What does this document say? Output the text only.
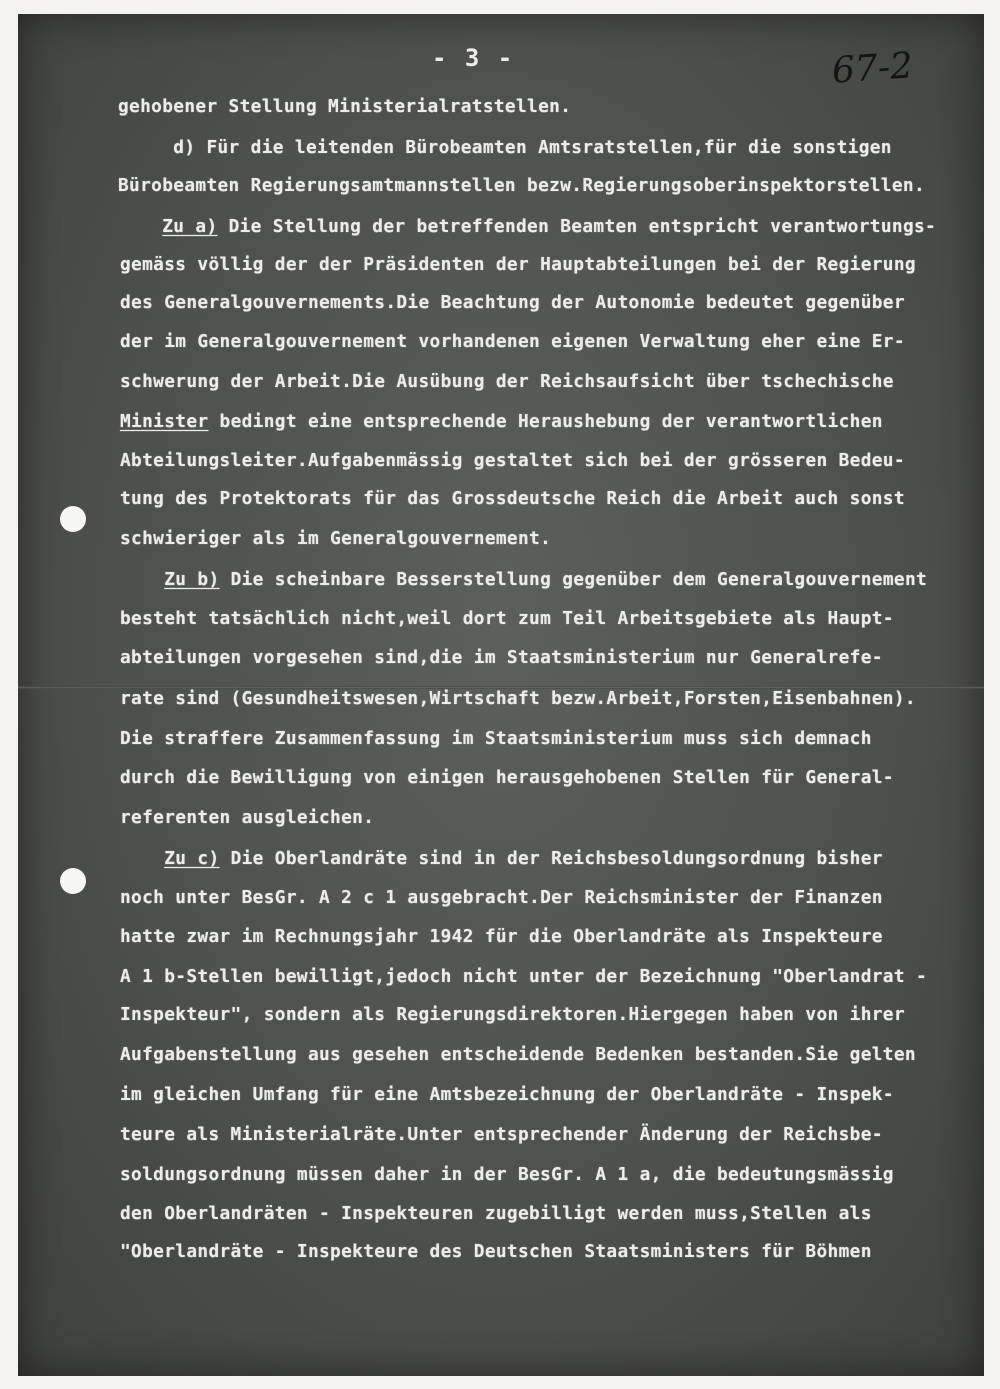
- 3 -	67-2
gehobener Stellung Ministerialratstellen.
d) Für die leitenden Bürobeamten Amtsratstellen,für die sonstigen
Bürobeamten Regierungsamtmannstellen bezw.Regierungsoberinspektorstellen.
Zu a) Die Stellung der betreffenden Beamten entspricht verantwortungs-
gemäss völlig der der Präsidenten der Hauptabteilungen bei der Regierung
des Generalgouvernements.Die Beachtung der Autonomie bedeutet gegenüber
der im Generalgouvernement vorhandenen eigenen Verwaltung eher eine Er-
schwerung der Arbeit.Die Ausübung der Reichsaufsicht über tschechische
Minister bedingt eine entsprechende Heraushebung der verantwortlichen
Abteilungsleiter.Aufgabenmässig gestaltet sich bei der grösseren Bedeu-
tung des Protektorats für das Grossdeutsche Reich die Arbeit auch sonst
schwieriger als im Generalgouvernement.
Zu b) Die scheinbare Besserstellung gegenüber dem Generalgouvernement
besteht tatsächlich nicht,weil dort zum Teil Arbeitsgebiete als Haupt-
abteilungen vorgesehen sind,die im Staatsministerium nur Generalrefe-
rate sind (Gesundheitswesen,Wirtschaft bezw.Arbeit,Forsten,Eisenbahnen).
Die straffere Zusammenfassung im Staatsministerium muss sich demnach
durch die Bewilligung von einigen herausgehobenen Stellen für General-
referenten ausgleichen.
Zu c) Die Oberlandräte sind in der Reichsbesoldungsordnung bisher
noch unter BesGr. A 2 c 1 ausgebracht.Der Reichsminister der Finanzen
hatte zwar im Rechnungsjahr 1942 für die Oberlandräte als Inspekteure
A 1 b-Stellen bewilligt,jedoch nicht unter der Bezeichnung "Oberlandrat -
Inspekteur", sondern als Regierungsdirektoren.Hiergegen haben von ihrer
Aufgabenstellung aus gesehen entscheidende Bedenken bestanden.Sie gelten
im gleichen Umfang für eine Amtsbezeichnung der Oberlandräte - Inspek-
teure als Ministerialräte.Unter entsprechender Änderung der Reichsbe-
soldungsordnung müssen daher in der BesGr. A 1 a, die bedeutungsmässig
den Oberlandräten - Inspekteuren zugebilligt werden muss,Stellen als
"Oberlandräte - Inspekteure des Deutschen Staatsministers für Böhmen
